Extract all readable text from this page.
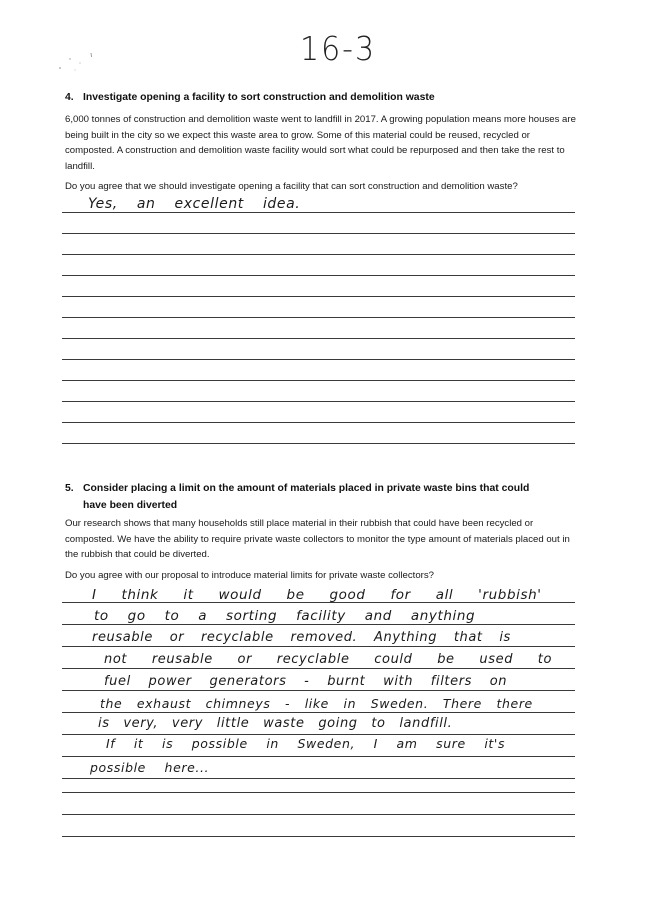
16-3
4. Investigate opening a facility to sort construction and demolition waste
6,000 tonnes of construction and demolition waste went to landfill in 2017. A growing population means more houses are being built in the city so we expect this waste area to grow. Some of this material could be reused, recycled or composted. A construction and demolition waste facility would sort what could be repurposed and then take the rest to landfill.
Do you agree that we should investigate opening a facility that can sort construction and demolition waste?
Yes, an excellent idea.
5. Consider placing a limit on the amount of materials placed in private waste bins that could have been diverted
Our research shows that many households still place material in their rubbish that could have been recycled or composted. We have the ability to require private waste collectors to monitor the type amount of materials placed out in the rubbish that could be diverted.
Do you agree with our proposal to introduce material limits for private waste collectors?
I think it would be good for all 'rubbish'
to go to a sorting facility and anything
reusable or recyclable removed. Anything that is
not reusable or recyclable could be used to
fuel power generators - burnt with filters on
the exhaust chimneys - like in Sweden. There there
is very, very little waste going to landfill.
If it is possible in Sweden, I am sure it's
possible here...
